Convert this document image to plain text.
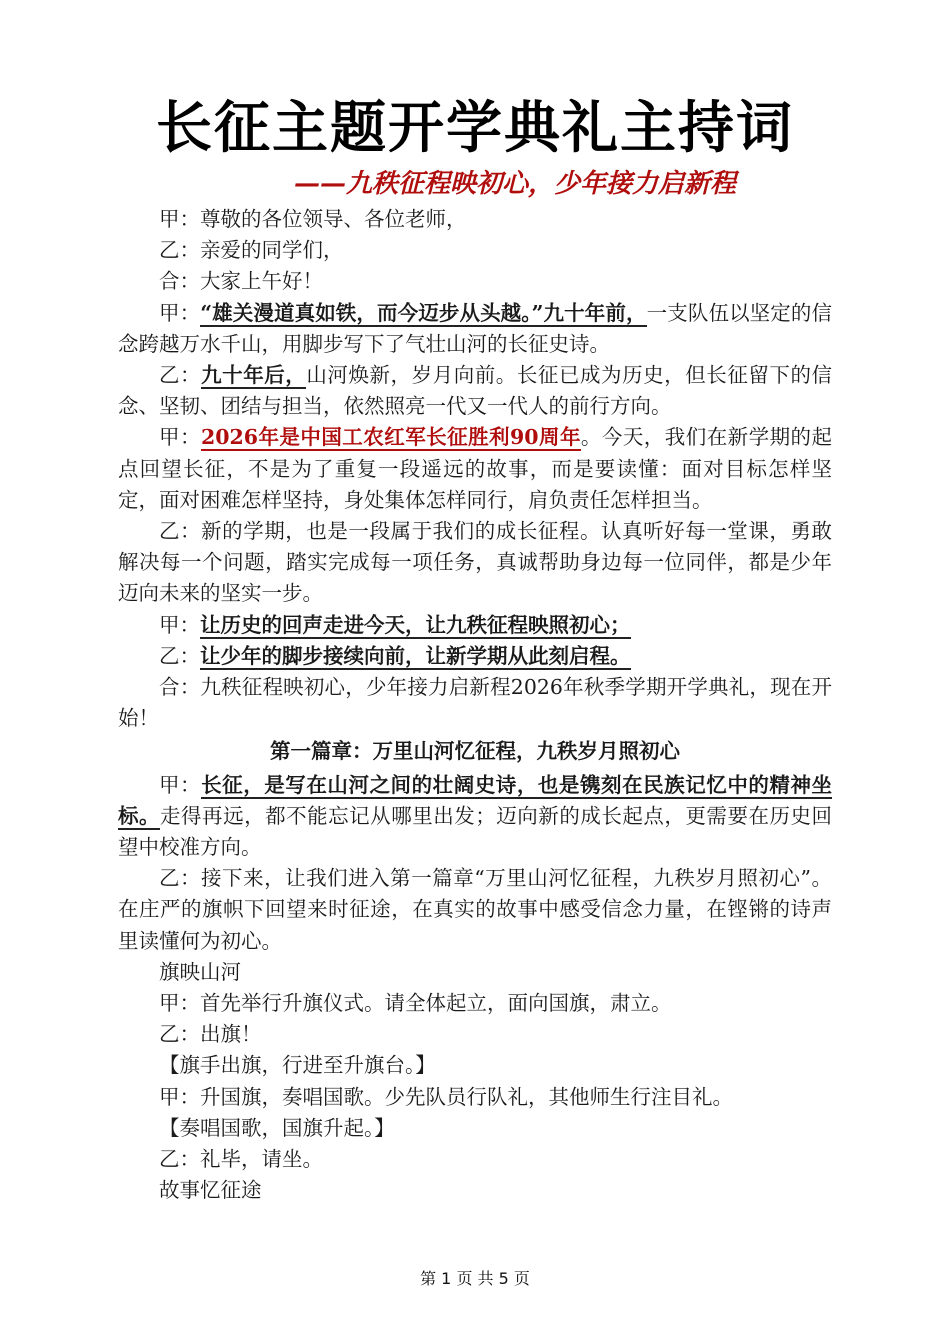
长征主题开学典礼主持词
——九秩征程映初心，少年接力启新程

甲：尊敬的各位领导、各位老师，

乙：亲爱的同学们，

合：大家上午好！

甲：“雄关漫道真如铁，而今迈步从头越。”九十年前，一支队伍以坚定的信念跨越万水千山，用脚步写下了气壮山河的长征史诗。

乙：九十年后，山河焕新，岁月向前。长征已成为历史，但长征留下的信念、坚韧、团结与担当，依然照亮一代又一代人的前行方向。

甲：2026年是中国工农红军长征胜利90周年。今天，我们在新学期的起点回望长征，不是为了重复一段遥远的故事，而是要读懂：面对目标怎样坚定，面对困难怎样坚持，身处集体怎样同行，肩负责任怎样担当。

乙：新的学期，也是一段属于我们的成长征程。认真听好每一堂课，勇敢解决每一个问题，踏实完成每一项任务，真诚帮助身边每一位同伴，都是少年迈向未来的坚实一步。

甲：让历史的回声走进今天，让九秩征程映照初心；

乙：让少年的脚步接续向前，让新学期从此刻启程。

合：九秩征程映初心，少年接力启新程2026年秋季学期开学典礼，现在开始！

第一篇章：万里山河忆征程，九秩岁月照初心

甲：长征，是写在山河之间的壮阔史诗，也是镌刻在民族记忆中的精神坐标。走得再远，都不能忘记从哪里出发；迈向新的成长起点，更需要在历史回望中校准方向。

乙：接下来，让我们进入第一篇章“万里山河忆征程，九秩岁月照初心”。在庄严的旗帜下回望来时征途，在真实的故事中感受信念力量，在铿锵的诗声里读懂何为初心。

旗映山河

甲：首先举行升旗仪式。请全体起立，面向国旗，肃立。

乙：出旗！

【旗手出旗，行进至升旗台。】

甲：升国旗，奏唱国歌。少先队员行队礼，其他师生行注目礼。

【奏唱国歌，国旗升起。】

乙：礼毕，请坐。

故事忆征途

第 1 页 共 5 页
